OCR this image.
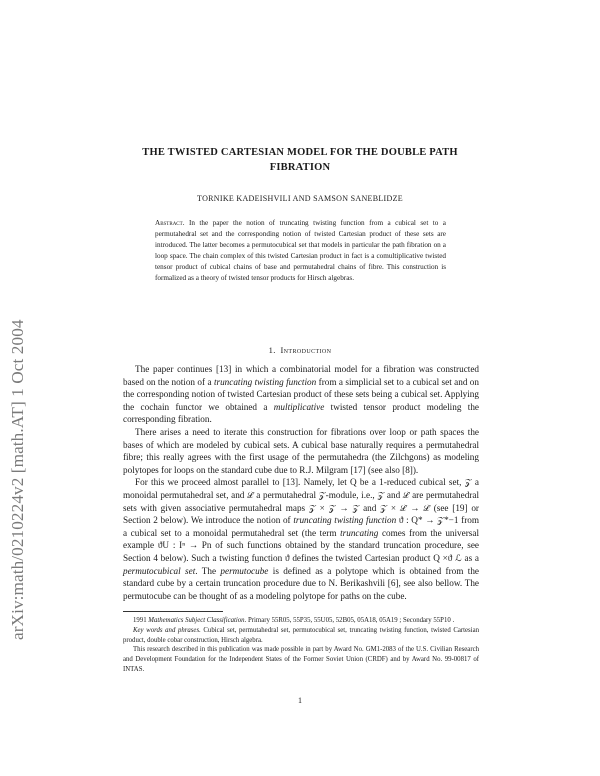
arXiv:math/0210224v2 [math.AT] 1 Oct 2004
THE TWISTED CARTESIAN MODEL FOR THE DOUBLE PATH
FIBRATION
TORNIKE KADEISHVILI AND SAMSON SANEBLIDZE
Abstract. In the paper the notion of truncating twisting function from a cubical set to a permutahedral set and the corresponding notion of twisted Cartesian product of these sets are introduced. The latter becomes a permutocubical set that models in particular the path fibration on a loop space. The chain complex of this twisted Cartesian product in fact is a comultiplicative twisted tensor product of cubical chains of base and permutahedral chains of fibre. This construction is formalized as a theory of twisted tensor products for Hirsch algebras.
1.  Introduction

The paper continues [13] in which a combinatorial model for a fibration was constructed based on the notion of a truncating twisting function from a simplicial set to a cubical set and on the corresponding notion of twisted Cartesian product of these sets being a cubical set. Applying the cochain functor we obtained a multiplicative twisted tensor product modeling the corresponding fibration.

There arises a need to iterate this construction for fibrations over loop or path spaces the bases of which are modeled by cubical sets. A cubical base naturally requires a permutahedral fibre; this really agrees with the first usage of the permutahedra (the Zilchgons) as modeling polytopes for loops on the standard cube due to R.J. Milgram [17] (see also [8]).

For this we proceed almost parallel to [13]. Namely, let Q be a 1-reduced cubical set, 𝒵 a monoidal permutahedral set, and ℒ a permutahedral 𝒵-module, i.e., 𝒵 and ℒ are permutahedral sets with given associative permutahedral maps 𝒵 × 𝒵 → 𝒵 and 𝒵 × ℒ → ℒ (see [19] or Section 2 below). We introduce the notion of truncating twisting function ϑ : Q* → 𝒵*−1 from a cubical set to a monoidal permutahedral set (the term truncating comes from the universal example ϑU : Iⁿ → Pn of such functions obtained by the standard truncation procedure, see Section 4 below). Such a twisting function ϑ defines the twisted Cartesian product Q ×ϑ ℒ as a permutocubical set. The permutocube is defined as a polytope which is obtained from the standard cube by a certain truncation procedure due to N. Berikashvili [6], see also bellow. The permutocube can be thought of as a modeling polytope for paths on the cube.

1991 Mathematics Subject Classification. Primary 55R05, 55P35, 55U05, 52B05, 05A18, 05A19 ; Secondary 55P10 .

Key words and phrases. Cubical set, permutahedral set, permutocubical set, truncating twisting function, twisted Cartesian product, double cobar construction, Hirsch algebra.

This research described in this publication was made possible in part by Award No. GM1-2083 of the U.S. Civilian Research and Development Foundation for the Independent States of the Former Soviet Union (CRDF) and by Award No. 99-00817 of INTAS.

1
